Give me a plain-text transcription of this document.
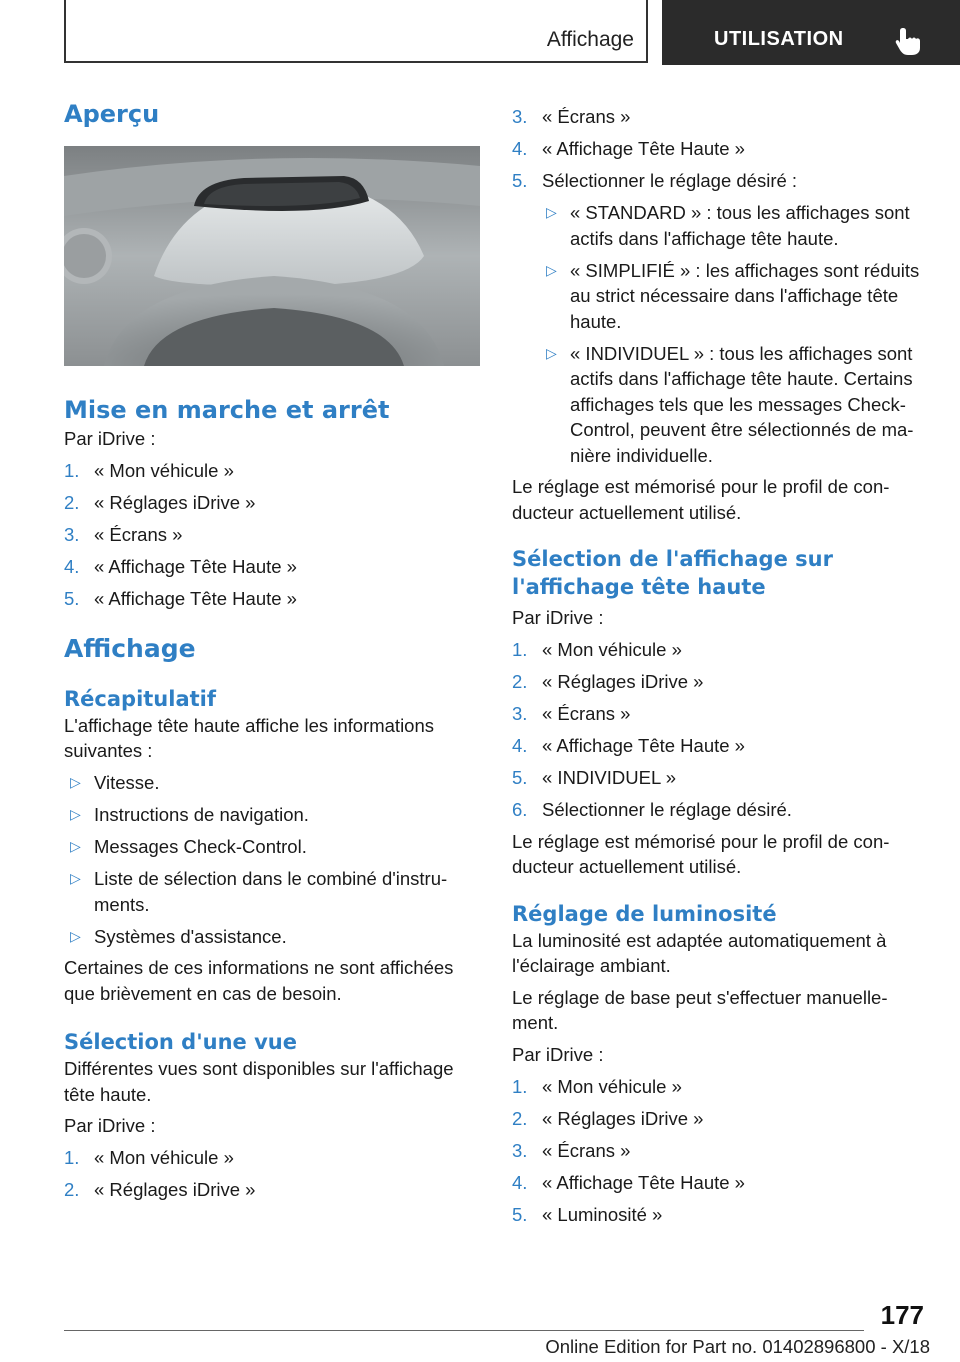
Affichage	UTILISATION
Aperçu
Mise en marche et arrêt

Par iDrive :

1. « Mon véhicule »
2. « Réglages iDrive »
3. « Écrans »
4. « Affichage Tête Haute »
5. « Affichage Tête Haute »
Affichage
Récapitulatif

L'affichage tête haute affiche les informations suivantes :

▷ Vitesse.
▷ Instructions de navigation.
▷ Messages Check-Control.
▷ Liste de sélection dans le combiné d'instru-ments.
▷ Systèmes d'assistance.

Certaines de ces informations ne sont affichées que brièvement en cas de besoin.

Sélection d'une vue

Différentes vues sont disponibles sur l'affichage tête haute.

Par iDrive :

1. « Mon véhicule »
2. « Réglages iDrive »
3. « Écrans »
4. « Affichage Tête Haute »
5. Sélectionner le réglage désiré :
▷ « STANDARD » : tous les affichages sont actifs dans l'affichage tête haute.
▷ « SIMPLIFIÉ » : les affichages sont réduits au strict nécessaire dans l'affichage tête haute.
▷ « INDIVIDUEL » : tous les affichages sont actifs dans l'affichage tête haute. Certains affichages tels que les messages Check-Control, peuvent être sélectionnés de ma-nière individuelle.

Le réglage est mémorisé pour le profil de con-ducteur actuellement utilisé.

Sélection de l'affichage sur l'affichage tête haute

Par iDrive :

1. « Mon véhicule »
2. « Réglages iDrive »
3. « Écrans »
4. « Affichage Tête Haute »
5. « INDIVIDUEL »
6. Sélectionner le réglage désiré.

Le réglage est mémorisé pour le profil de con-ducteur actuellement utilisé.

Réglage de luminosité

La luminosité est adaptée automatiquement à l'éclairage ambiant.

Le réglage de base peut s'effectuer manuelle-ment.

Par iDrive :

1. « Mon véhicule »
2. « Réglages iDrive »
3. « Écrans »
4. « Affichage Tête Haute »
5. « Luminosité »
177
Online Edition for Part no. 01402896800 - X/18
